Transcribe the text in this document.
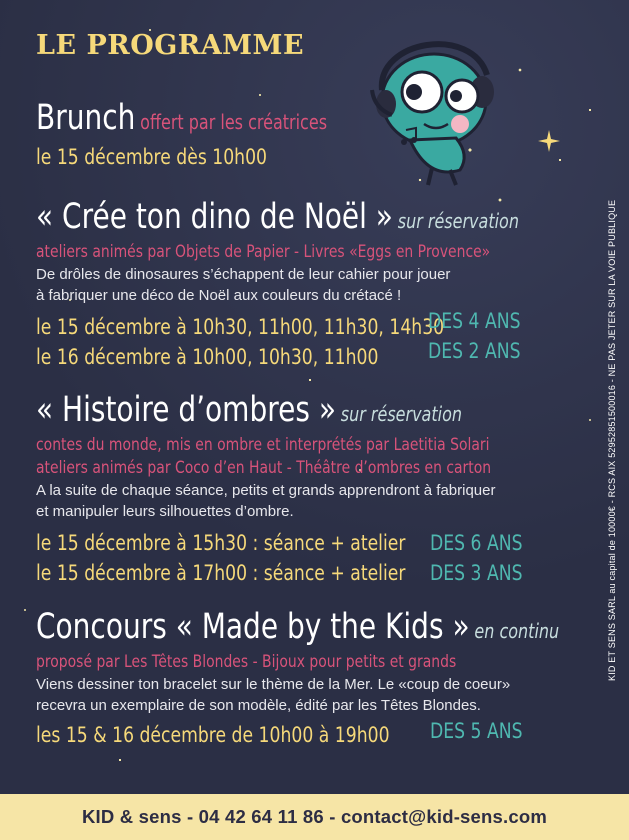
LE PROGRAMME

Brunch offert par les créatrices

le 15 décembre dès 10h00

« Crée ton dino de Noël » sur réservation

ateliers animés par Objets de Papier - Livres «Eggs en Provence»

De drôles de dinosaures s’échappent de leur cahier pour jouer

à fabriquer une déco de Noël aux couleurs du crétacé !

le 15 décembre à 10h30, 11h00, 11h30, 14h30

le 16 décembre à 10h00, 10h30, 11h00

DES 4 ANS
DES 2 ANS

« Histoire d’ombres » sur réservation

contes du monde, mis en ombre et interprétés par Laetitia Solari

ateliers animés par Coco d’en Haut - Théâtre d’ombres en carton

A la suite de chaque séance, petits et grands apprendront à fabriquer

et manipuler leurs silhouettes d’ombre.

le 15 décembre à 15h30 : séance + atelier

le 15 décembre à 17h00 : séance + atelier

DES 6 ANS
DES 3 ANS

Concours « Made by the Kids » en continu

proposé par Les Têtes Blondes - Bijoux pour petits et grands

Viens dessiner ton bracelet sur le thème de la Mer. Le «coup de coeur»

recevra un exemplaire de son modèle, édité par les Têtes Blondes.

les 15 & 16 décembre de 10h00 à 19h00	DES 5 ANS
KID ET SENS SARL au capital de 10000€ - RCS AIX 52952851500016 - NE PAS JETER SUR LA VOIE PUBLIQUE
KID & sens - 04 42 64 11 86 - contact@kid-sens.com
